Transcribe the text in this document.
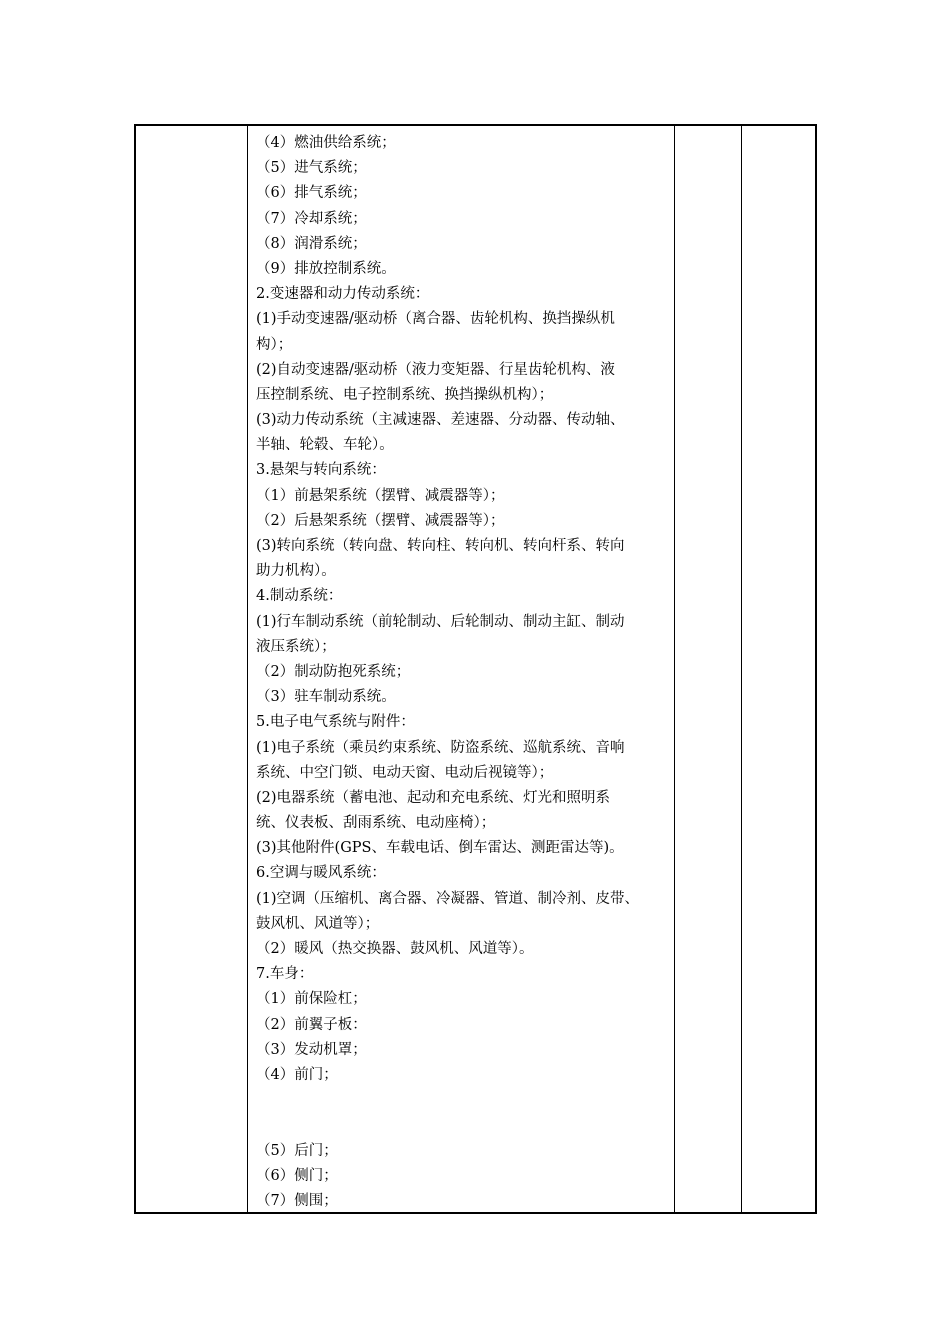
（4）燃油供给系统；
（5）进气系统；
（6）排气系统；
（7）冷却系统；
（8）润滑系统；
（9）排放控制系统。
2.变速器和动力传动系统：
(1)手动变速器/驱动桥（离合器、齿轮机构、换挡操纵机
构）；
(2)自动变速器/驱动桥（液力变矩器、行星齿轮机构、液
压控制系统、电子控制系统、换挡操纵机构）；
(3)动力传动系统（主减速器、差速器、分动器、传动轴、
半轴、轮毂、车轮）。
3.悬架与转向系统：
（1）前悬架系统（摆臂、减震器等）；
（2）后悬架系统（摆臂、减震器等）；
(3)转向系统（转向盘、转向柱、转向机、转向杆系、转向
助力机构）。
4.制动系统：
(1)行车制动系统（前轮制动、后轮制动、制动主缸、制动
液压系统）；
（2）制动防抱死系统；
（3）驻车制动系统。
5.电子电气系统与附件：
(1)电子系统（乘员约束系统、防盗系统、巡航系统、音响
系统、中空门锁、电动天窗、电动后视镜等）；
(2)电器系统（蓄电池、起动和充电系统、灯光和照明系
统、仪表板、刮雨系统、电动座椅）；
(3)其他附件(GPS、车载电话、倒车雷达、测距雷达等)。
6.空调与暖风系统：
(1)空调（压缩机、离合器、冷凝器、管道、制冷剂、皮带、
鼓风机、风道等）；
（2）暖风（热交换器、鼓风机、风道等）。
7.车身：
（1）前保险杠；
（2）前翼子板：
（3）发动机罩；
（4）前门；
（5）后门；
（6）侧门；
（7）侧围；
